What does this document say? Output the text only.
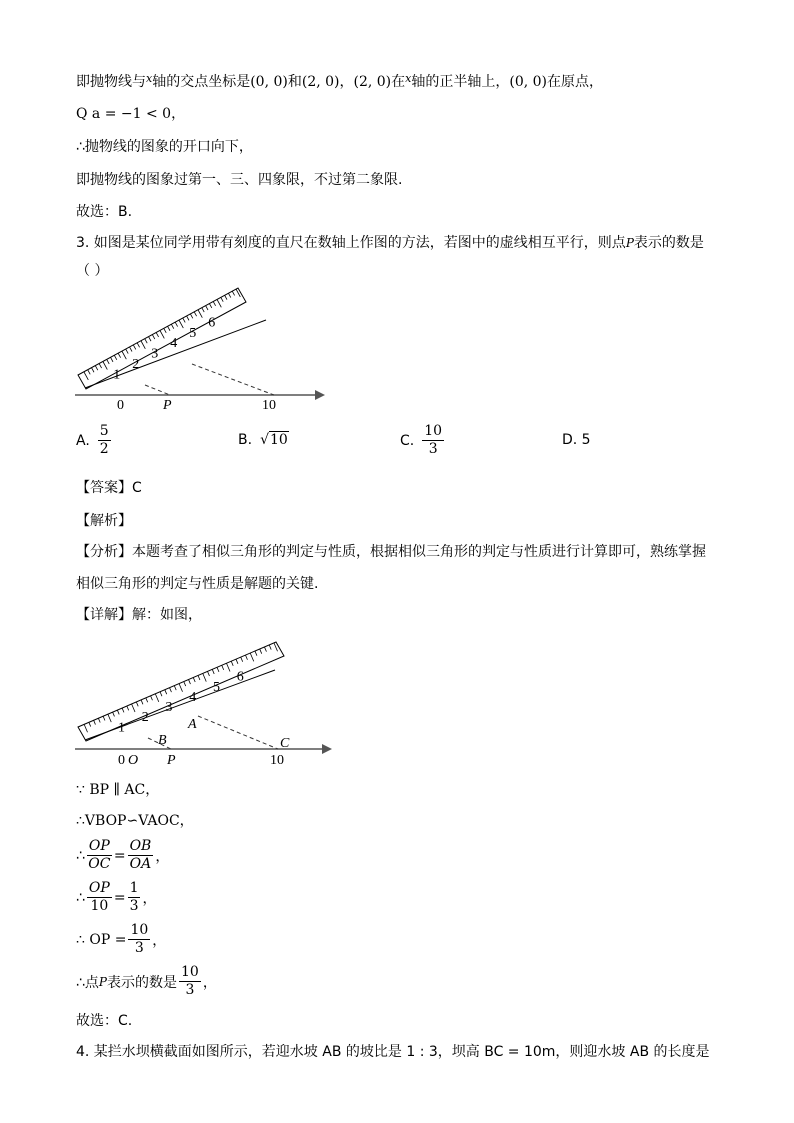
即抛物线与$^x$轴的交点坐标是(0, 0)和(2, 0)，(2, 0)在$^x$轴的正半轴上，(0, 0)在原点，
Q a = −1 < 0，
∴抛物线的图象的开口向下，
即抛物线的图象过第一、三、四象限，不过第二象限.
故选：B.
3. 如图是某位同学用带有刻度的直尺在数轴上作图的方法，若图中的虚线相互平行，则点P表示的数是
（ ）
1
2
3
4
5
6
0	P	10
A. $\frac{5}{2}$	B. √10	C. $\frac{10}{3}$	D. 5
【答案】C
【解析】
【分析】本题考查了相似三角形的判定与性质，根据相似三角形的判定与性质进行计算即可，熟练掌握
相似三角形的判定与性质是解题的关键.
【详解】解：如图，
1
2
3
4
5
6
A
B	C
0 O P	10
∵ BP ∥ AC，
∴VBOP∽VAOC，
∴ $\frac{OP}{OC} = \frac{OB}{OA}$ ，
∴ $\frac{OP}{10} = \frac{1}{3}$ ，
∴ OP = $\frac{10}{3}$ ，
∴点 P 表示的数是 $\frac{10}{3}$ ，
故选：C.
4. 某拦水坝横截面如图所示，若迎水坡 AB 的坡比是 1 : 3，坝高 BC = 10m，则迎水坡 AB 的长度是
